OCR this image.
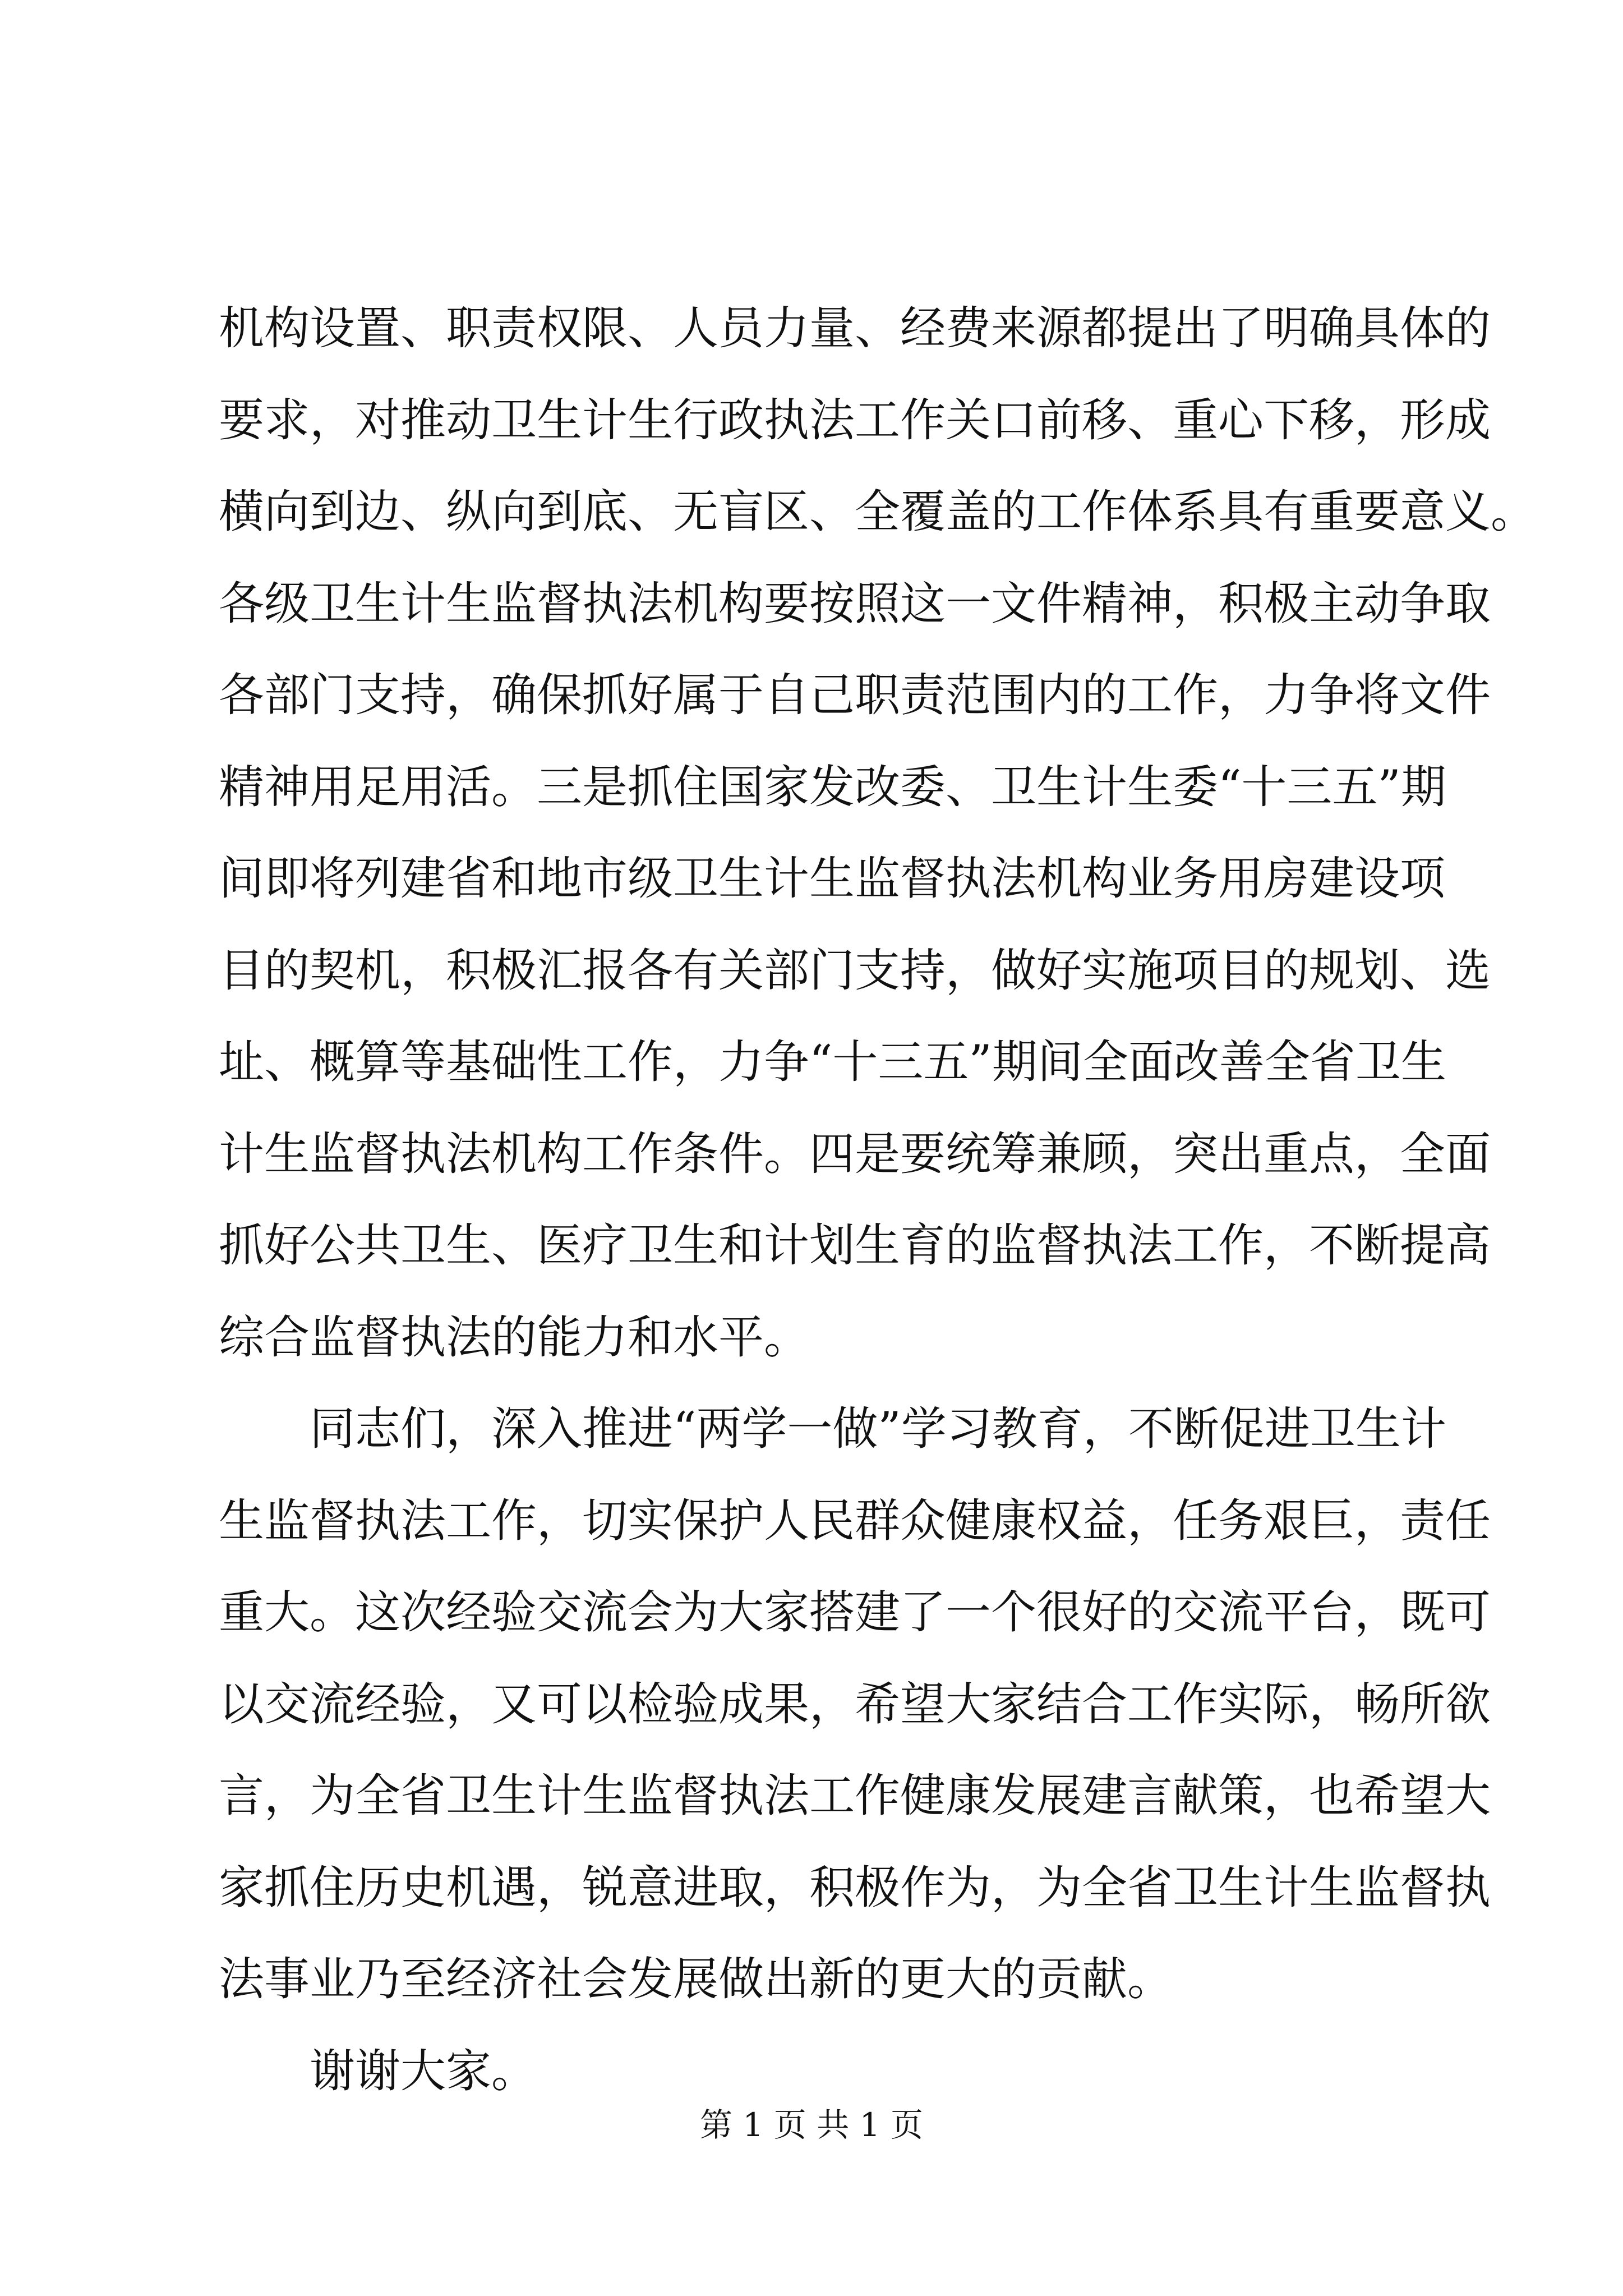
机构设置、职责权限、人员力量、经费来源都提出了明确具体的
要求，对推动卫生计生行政执法工作关口前移、重心下移，形成
横向到边、纵向到底、无盲区、全覆盖的工作体系具有重要意义。
各级卫生计生监督执法机构要按照这一文件精神，积极主动争取
各部门支持，确保抓好属于自己职责范围内的工作，力争将文件
精神用足用活。三是抓住国家发改委、卫生计生委“十三五”期
间即将列建省和地市级卫生计生监督执法机构业务用房建设项
目的契机，积极汇报各有关部门支持，做好实施项目的规划、选
址、概算等基础性工作，力争“十三五”期间全面改善全省卫生
计生监督执法机构工作条件。四是要统筹兼顾，突出重点，全面
抓好公共卫生、医疗卫生和计划生育的监督执法工作，不断提高
综合监督执法的能力和水平。
同志们，深入推进“两学一做”学习教育，不断促进卫生计
生监督执法工作，切实保护人民群众健康权益，任务艰巨，责任
重大。这次经验交流会为大家搭建了一个很好的交流平台，既可
以交流经验，又可以检验成果，希望大家结合工作实际，畅所欲
言，为全省卫生计生监督执法工作健康发展建言献策，也希望大
家抓住历史机遇，锐意进取，积极作为，为全省卫生计生监督执
法事业乃至经济社会发展做出新的更大的贡献。
谢谢大家。
第 1 页 共 1 页
